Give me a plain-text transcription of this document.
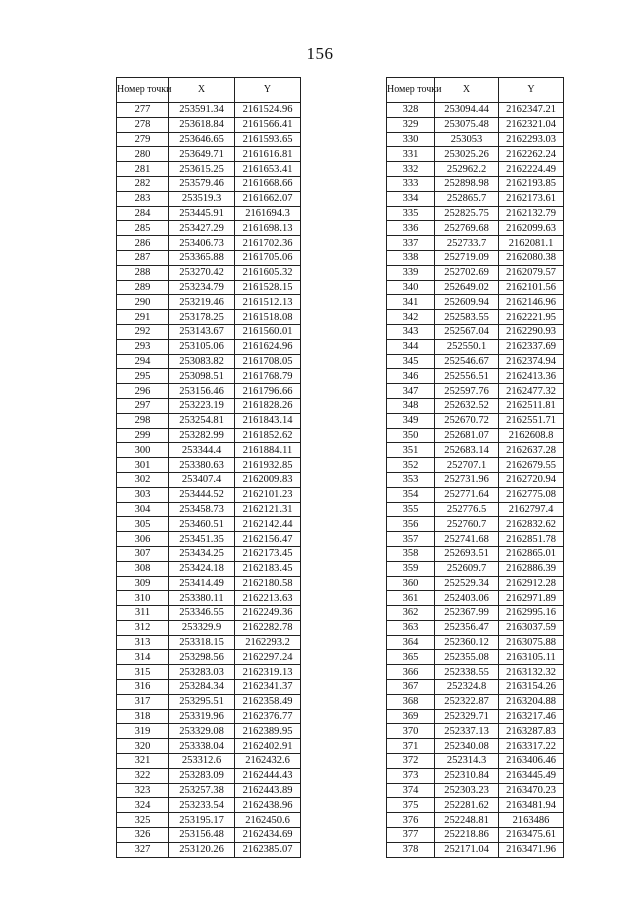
156
Номер точки	X	Y
277	253591.34	2161524.96
278	253618.84	2161566.41
279	253646.65	2161593.65
280	253649.71	2161616.81
281	253615.25	2161653.41
282	253579.46	2161668.66
283	253519.3	2161662.07
284	253445.91	2161694.3
285	253427.29	2161698.13
286	253406.73	2161702.36
287	253365.88	2161705.06
288	253270.42	2161605.32
289	253234.79	2161528.15
290	253219.46	2161512.13
291	253178.25	2161518.08
292	253143.67	2161560.01
293	253105.06	2161624.96
294	253083.82	2161708.05
295	253098.51	2161768.79
296	253156.46	2161796.66
297	253223.19	2161828.26
298	253254.81	2161843.14
299	253282.99	2161852.62
300	253344.4	2161884.11
301	253380.63	2161932.85
302	253407.4	2162009.83
303	253444.52	2162101.23
304	253458.73	2162121.31
305	253460.51	2162142.44
306	253451.35	2162156.47
307	253434.25	2162173.45
308	253424.18	2162183.45
309	253414.49	2162180.58
310	253380.11	2162213.63
311	253346.55	2162249.36
312	253329.9	2162282.78
313	253318.15	2162293.2
314	253298.56	2162297.24
315	253283.03	2162319.13
316	253284.34	2162341.37
317	253295.51	2162358.49
318	253319.96	2162376.77
319	253329.08	2162389.95
320	253338.04	2162402.91
321	253312.6	2162432.6
322	253283.09	2162444.43
323	253257.38	2162443.89
324	253233.54	2162438.96
325	253195.17	2162450.6
326	253156.48	2162434.69
327	253120.26	2162385.07
Номер точки	X	Y
328	253094.44	2162347.21
329	253075.48	2162321.04
330	253053	2162293.03
331	253025.26	2162262.24
332	252962.2	2162224.49
333	252898.98	2162193.85
334	252865.7	2162173.61
335	252825.75	2162132.79
336	252769.68	2162099.63
337	252733.7	2162081.1
338	252719.09	2162080.38
339	252702.69	2162079.57
340	252649.02	2162101.56
341	252609.94	2162146.96
342	252583.55	2162221.95
343	252567.04	2162290.93
344	252550.1	2162337.69
345	252546.67	2162374.94
346	252556.51	2162413.36
347	252597.76	2162477.32
348	252632.52	2162511.81
349	252670.72	2162551.71
350	252681.07	2162608.8
351	252683.14	2162637.28
352	252707.1	2162679.55
353	252731.96	2162720.94
354	252771.64	2162775.08
355	252776.5	2162797.4
356	252760.7	2162832.62
357	252741.68	2162851.78
358	252693.51	2162865.01
359	252609.7	2162886.39
360	252529.34	2162912.28
361	252403.06	2162971.89
362	252367.99	2162995.16
363	252356.47	2163037.59
364	252360.12	2163075.88
365	252355.08	2163105.11
366	252338.55	2163132.32
367	252324.8	2163154.26
368	252322.87	2163204.88
369	252329.71	2163217.46
370	252337.13	2163287.83
371	252340.08	2163317.22
372	252314.3	2163406.46
373	252310.84	2163445.49
374	252303.23	2163470.23
375	252281.62	2163481.94
376	252248.81	2163486
377	252218.86	2163475.61
378	252171.04	2163471.96
